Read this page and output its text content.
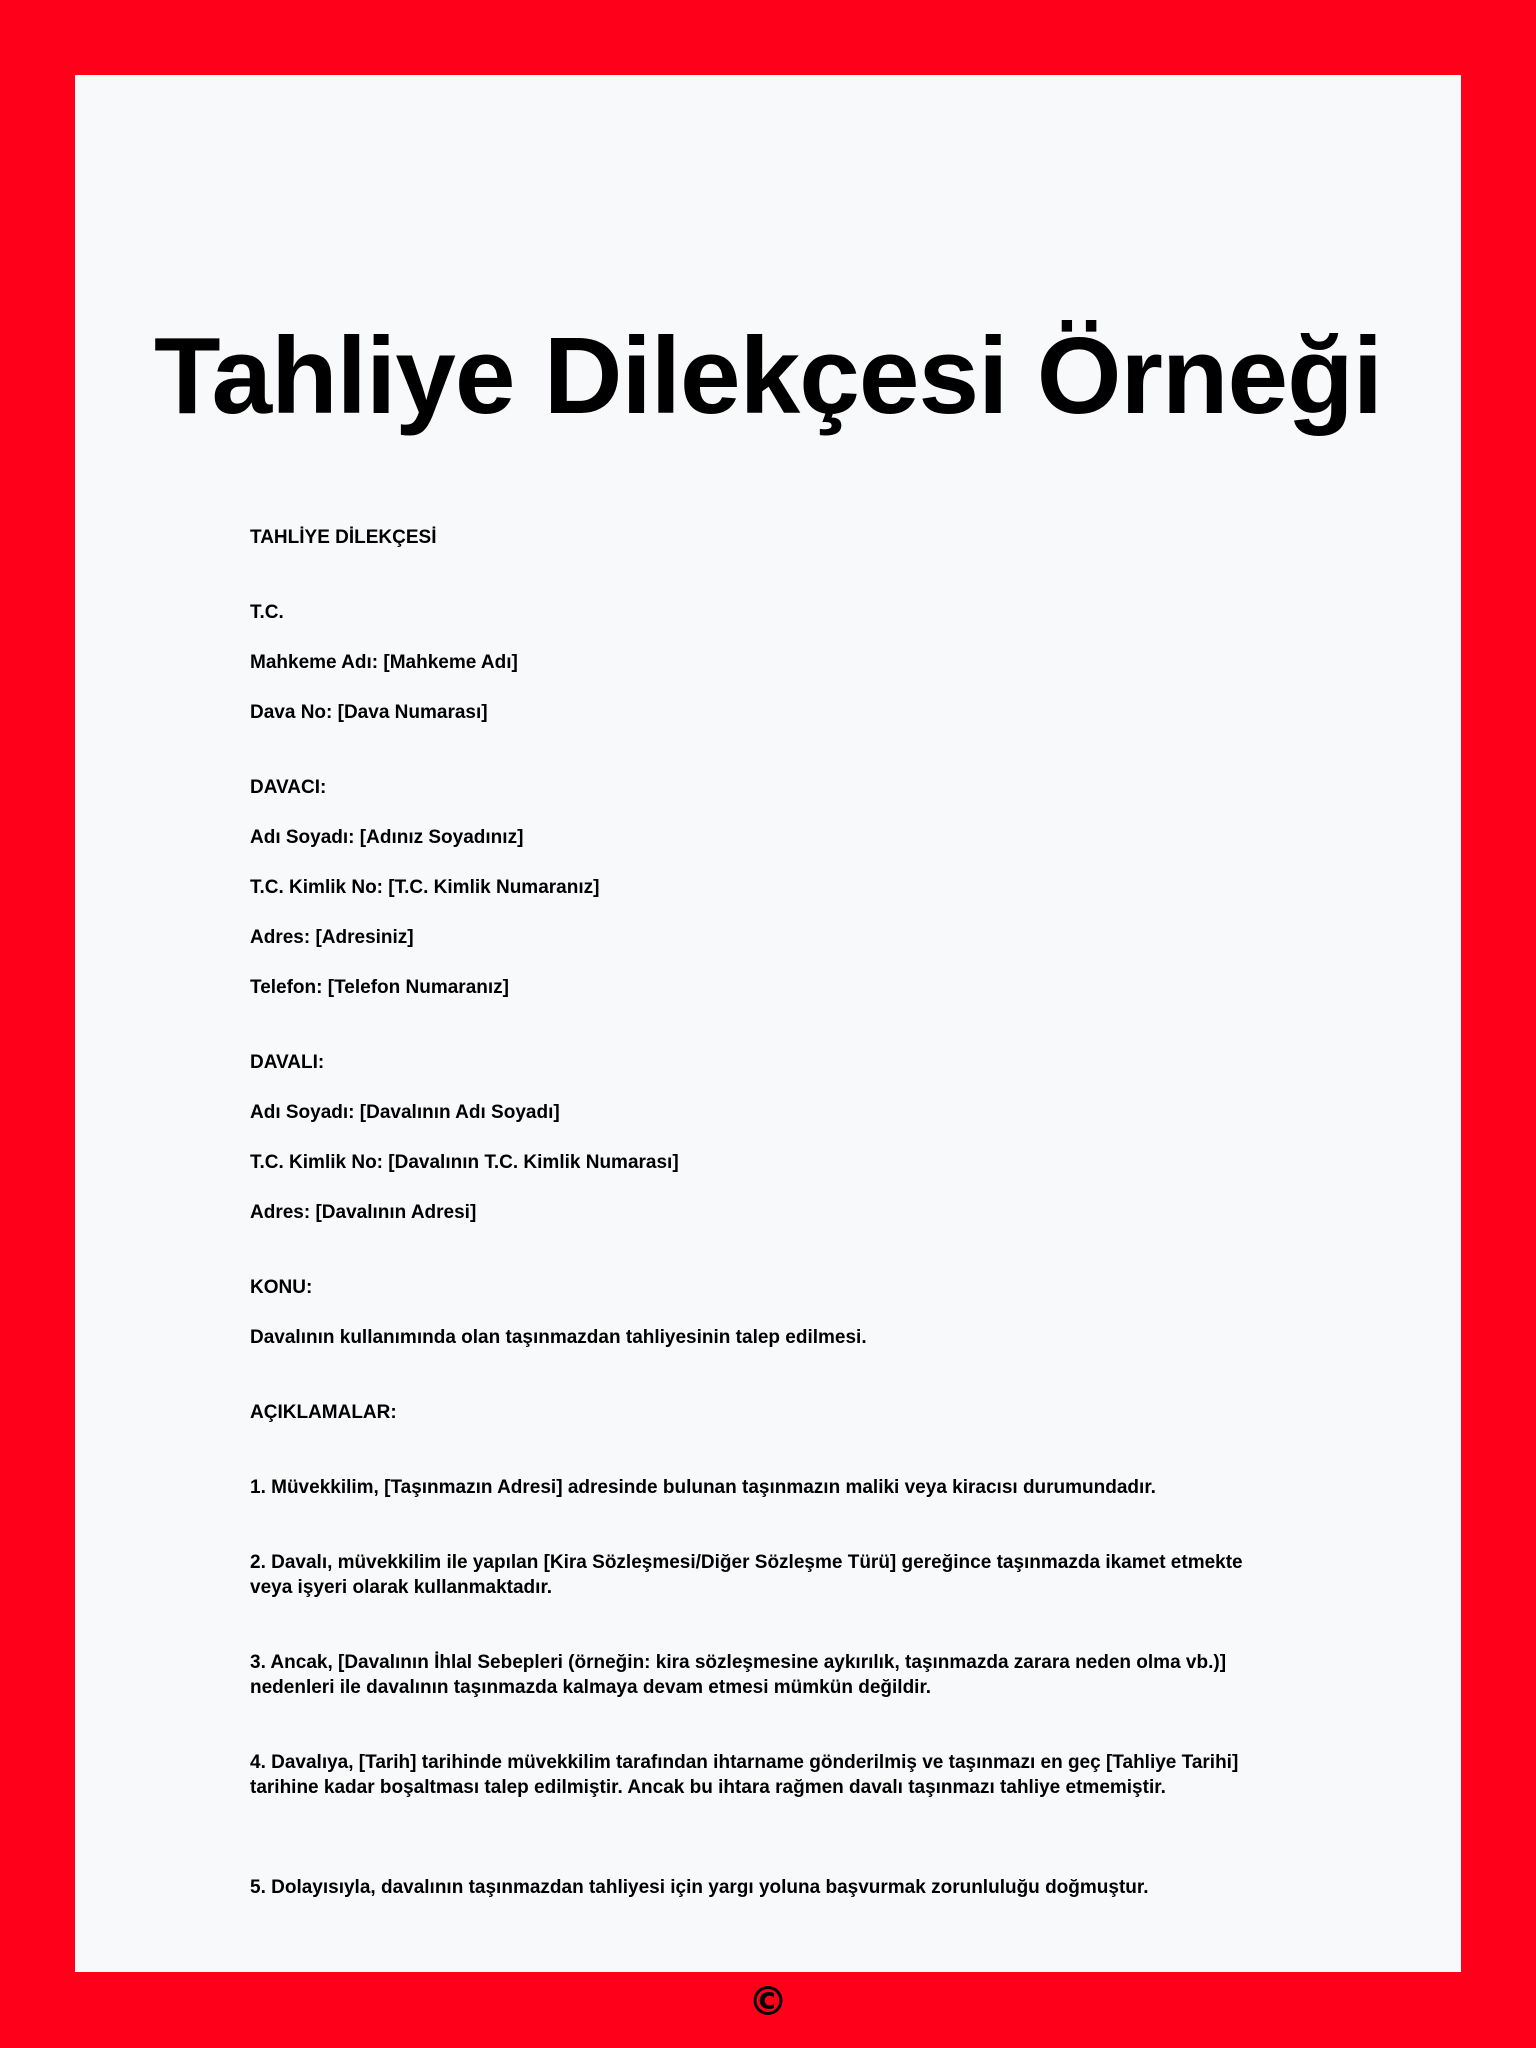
Tahliye Dilekçesi Örneği
TAHLİYE DİLEKÇESİ
T.C.
Mahkeme Adı: [Mahkeme Adı]
Dava No: [Dava Numarası]
DAVACI:
Adı Soyadı: [Adınız Soyadınız]
T.C. Kimlik No: [T.C. Kimlik Numaranız]
Adres: [Adresiniz]
Telefon: [Telefon Numaranız]
DAVALI:
Adı Soyadı: [Davalının Adı Soyadı]
T.C. Kimlik No: [Davalının T.C. Kimlik Numarası]
Adres: [Davalının Adresi]
KONU:
Davalının kullanımında olan taşınmazdan tahliyesinin talep edilmesi.
AÇIKLAMALAR:
1. Müvekkilim, [Taşınmazın Adresi] adresinde bulunan taşınmazın maliki veya kiracısı durumundadır.
2. Davalı, müvekkilim ile yapılan [Kira Sözleşmesi/Diğer Sözleşme Türü] gereğince taşınmazda ikamet etmekte veya işyeri olarak kullanmaktadır.
3. Ancak, [Davalının İhlal Sebepleri (örneğin: kira sözleşmesine aykırılık, taşınmazda zarara neden olma vb.)] nedenleri ile davalının taşınmazda kalmaya devam etmesi mümkün değildir.
4. Davalıya, [Tarih] tarihinde müvekkilim tarafından ihtarname gönderilmiş ve taşınmazı en geç [Tahliye Tarihi] tarihine kadar boşaltması talep edilmiştir. Ancak bu ihtara rağmen davalı taşınmazı tahliye etmemiştir.
5. Dolayısıyla, davalının taşınmazdan tahliyesi için yargı yoluna başvurmak zorunluluğu doğmuştur.
©
